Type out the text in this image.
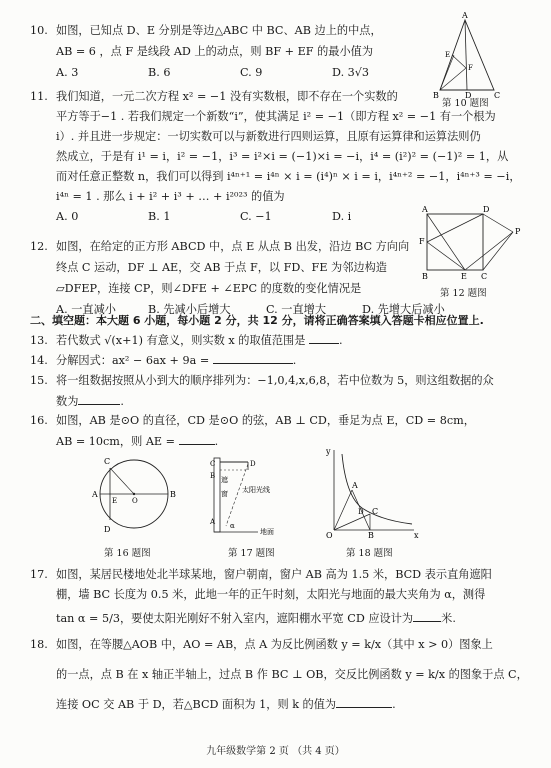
10. 如图，已知点 D、E 分别是等边△ABC 中 BC、AB 边上的中点，
AB = 6 ，点 F 是线段 AD 上的动点，则 BF + EF 的最小值为
A. 3	B. 6	C. 9	D. 3√3
A
B	C
D
E
F
第 10 题图
11. 我们知道，一元二次方程 x² = −1 没有实数根，即不存在一个实数的
平方等于−1 . 若我们规定一个新数“i”，使其满足 i² = −1（即方程 x² = −1 有一个根为
i）. 并且进一步规定：一切实数可以与新数进行四则运算，且原有运算律和运算法则仍
然成立，于是有 i¹ = i，i² = −1，i³ = i²×i = (−1)×i = −i，i⁴ = (i²)² = (−1)² = 1，从
而对任意正整数 n，我们可以得到 i⁴ⁿ⁺¹ = i⁴ⁿ × i = (i⁴)ⁿ × i = i，i⁴ⁿ⁺² = −1，i⁴ⁿ⁺³ = −i，
i⁴ⁿ = 1 . 那么 i + i² + i³ + … + i²⁰²³ 的值为
A. 0	B. 1	C. −1	D. i
12. 如图，在给定的正方形 ABCD 中，点 E 从点 B 出发，沿边 BC 方向向
终点 C 运动，DF ⊥ AE，交 AB 于点 F，以 FD、FE 为邻边构造
▱DFEP，连接 CP，则∠DFE + ∠EPC 的度数的变化情况是
A. 一直减小	B. 先减小后增大	C. 一直增大	D. 先增大后减小
A	D
F
B	E C
P
第 12 题图
二、填空题：本大题 6 小题，每小题 2 分，共 12 分，请将正确答案填入答题卡相应位置上.
13. 若代数式 √(x+1) 有意义，则实数 x 的取值范围是	.
14. 分解因式：ax² − 6ax + 9a =	.
15. 将一组数据按照从小到大的顺序排列为：−1,0,4,x,6,8，若中位数为 5，则这组数据的众
数为	.
16. 如图，AB 是⊙O 的直径，CD 是⊙O 的弦，AB ⊥ CD，垂足为点 E，CD = 8cm，
AB = 10cm，则 AE =	.
C
D
A
E O
B
第 16 题图
C	D
B
A
窗
遮
太阳光线
α
地面
第 17 题图
y
x
O
A
B
C
D
第 18 题图
17. 如图，某居民楼地处北半球某地，窗户朝南，窗户 AB 高为 1.5 米，BCD 表示直角遮阳
棚，墙 BC 长度为 0.5 米，此地一年的正午时刻，太阳光与地面的最大夹角为 α，测得
tan α = 5/3，要使太阳光刚好不射入室内，遮阳棚水平宽 CD 应设计为	米.
18. 如图，在等腰△AOB 中，AO = AB，点 A 为反比例函数 y = k/x（其中 x > 0）图象上
的一点，点 B 在 x 轴正半轴上，过点 B 作 BC ⊥ OB，交反比例函数 y = k/x 的图象于点 C，
连接 OC 交 AB 于 D，若△BCD 面积为 1，则 k 的值为	.
九年级数学第 2 页 （共 4 页）
